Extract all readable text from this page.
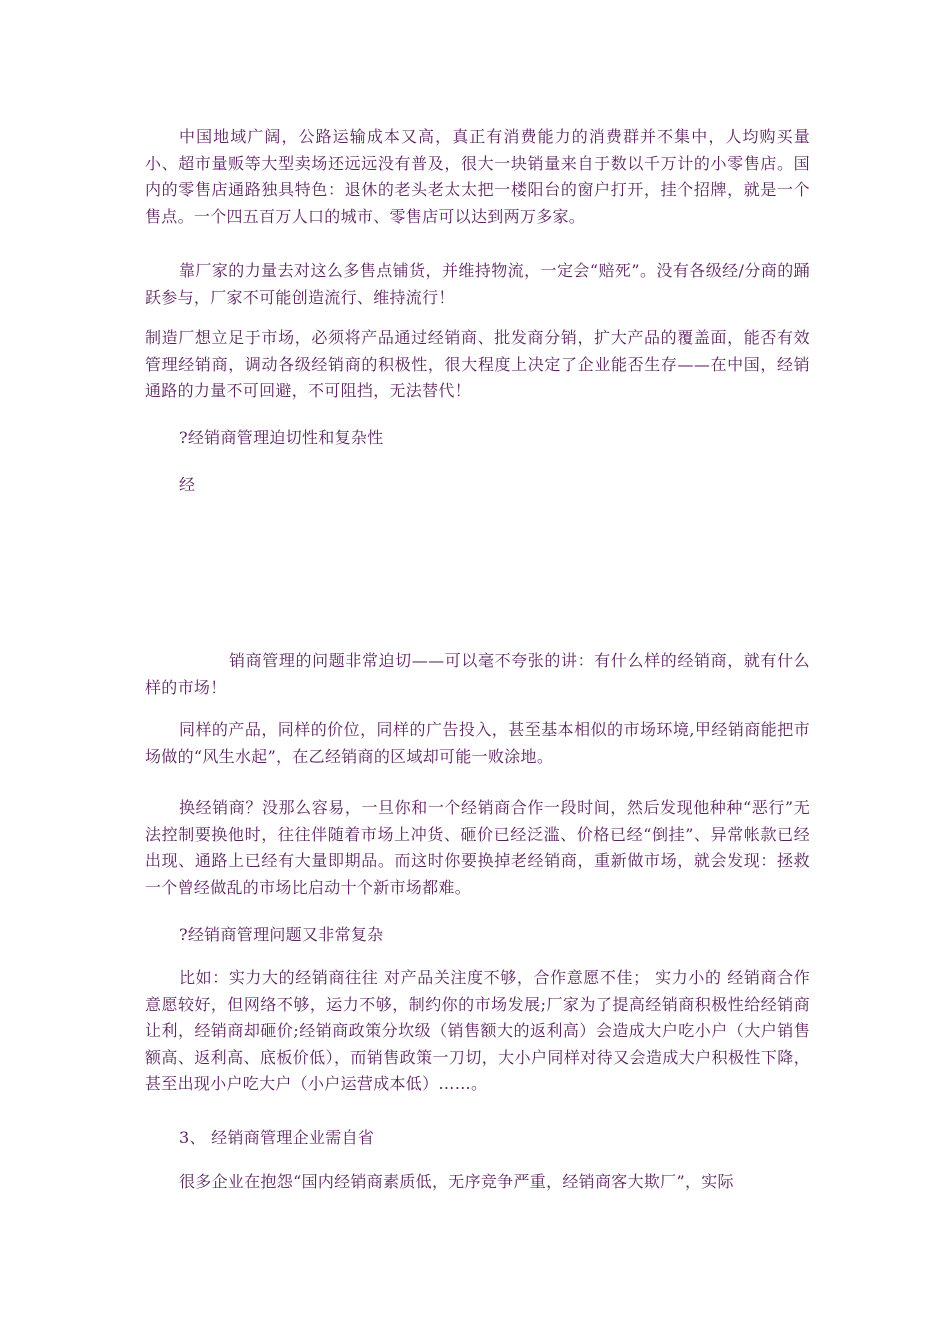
中国地域广阔，公路运输成本又高，真正有消费能力的消费群并不集中，人均购买量小、超市量贩等大型卖场还远远没有普及，很大一块销量来自于数以千万计的小零售店。国内的零售店通路独具特色：退休的老头老太太把一楼阳台的窗户打开，挂个招牌，就是一个售点。一个四五百万人口的城市、零售店可以达到两万多家。

靠厂家的力量去对这么多售点铺货，并维持物流，一定会“赔死”。没有各级经/分商的踊跃参与，厂家不可能创造流行、维持流行！

制造厂想立足于市场，必须将产品通过经销商、批发商分销，扩大产品的覆盖面，能否有效管理经销商，调动各级经销商的积极性，很大程度上决定了企业能否生存——在中国，经销通路的力量不可回避，不可阻挡，无法替代！

?经销商管理迫切性和复杂性

经

销商管理的问题非常迫切——可以毫不夸张的讲：有什么样的经销商，就有什么样的市场！

同样的产品，同样的价位，同样的广告投入，甚至基本相似的市场环境,甲经销商能把市场做的“风生水起”，在乙经销商的区域却可能一败涂地。

换经销商？没那么容易，一旦你和一个经销商合作一段时间，然后发现他种种“恶行”无法控制要换他时，往往伴随着市场上冲货、砸价已经泛滥、价格已经“倒挂”、异常帐款已经出现、通路上已经有大量即期品。而这时你要换掉老经销商，重新做市场，就会发现：拯救一个曾经做乱的市场比启动十个新市场都难。

?经销商管理问题又非常复杂

比如：实力大的经销商往往 对产品关注度不够，合作意愿不佳； 实力小的 经销商合作意愿较好，但网络不够，运力不够，制约你的市场发展;厂家为了提高经销商积极性给经销商让利，经销商却砸价;经销商政策分坎级（销售额大的返利高）会造成大户吃小户（大户销售额高、返利高、底板价低），而销售政策一刀切，大小户同样对待又会造成大户积极性下降，甚至出现小户吃大户（小户运营成本低）……。

3、 经销商管理企业需自省

很多企业在抱怨“国内经销商素质低，无序竞争严重，经销商客大欺厂”，实际
